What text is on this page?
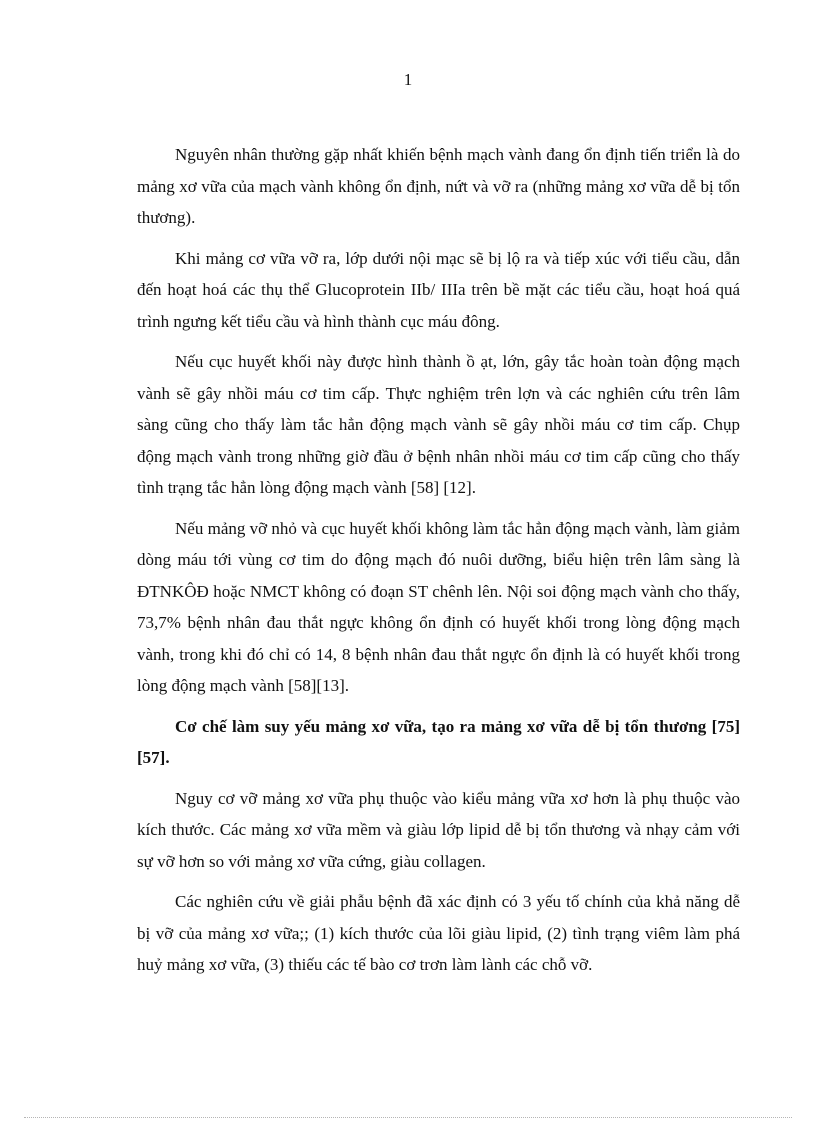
1

Nguyên nhân thường gặp nhất khiến bệnh mạch vành đang ổn định tiến triển là do mảng xơ vữa của mạch vành không ổn định, nứt và vỡ ra (những mảng xơ vữa dễ bị tổn thương).

Khi mảng cơ vữa vỡ ra, lớp dưới nội mạc sẽ bị lộ ra và tiếp xúc với tiểu cầu, dẫn đến hoạt hoá các thụ thể Glucoprotein IIb/ IIIa trên bề mặt các tiểu cầu, hoạt hoá quá trình ngưng kết tiểu cầu và hình thành cục máu đông.

Nếu cục huyết khối này được hình thành ồ ạt, lớn, gây tắc hoàn toàn động mạch vành sẽ gây nhồi máu cơ tim cấp. Thực nghiệm trên lợn và các nghiên cứu trên lâm sàng cũng cho thấy làm tắc hẳn động mạch vành sẽ gây nhồi máu cơ tim cấp. Chụp động mạch vành trong những giờ đầu ở bệnh nhân nhồi máu cơ tim cấp cũng cho thấy tình trạng tắc hẳn lòng động mạch vành [58] [12].

Nếu mảng vỡ nhỏ và cục huyết khối không làm tắc hẳn động mạch vành, làm giảm dòng máu tới vùng cơ tim do động mạch đó nuôi dưỡng, biểu hiện trên lâm sàng là ĐTNKÔĐ hoặc NMCT không có đoạn ST chênh lên. Nội soi động mạch vành cho thấy, 73,7% bệnh nhân đau thắt ngực không ổn định có huyết khối trong lòng động mạch vành, trong khi đó chỉ có 14, 8 bệnh nhân đau thắt ngực ổn định là có huyết khối trong lòng động mạch vành [58][13].

Cơ chế làm suy yếu mảng xơ vữa, tạo ra mảng xơ vữa dễ bị tổn thương [75][57].

Nguy cơ vỡ mảng xơ vữa phụ thuộc vào kiểu mảng vữa xơ hơn là phụ thuộc vào kích thước. Các mảng xơ vữa mềm và giàu lớp lipid dễ bị tổn thương và nhạy cảm với sự vỡ hơn so với mảng xơ vữa cứng, giàu collagen.

Các nghiên cứu về giải phẫu bệnh đã xác định có 3 yếu tố chính của khả năng dễ bị vỡ của mảng xơ vữa;; (1) kích thước của lõi giàu lipid, (2) tình trạng viêm làm phá huỷ mảng xơ vữa, (3) thiếu các tế bào cơ trơn làm lành các chỗ vỡ.
